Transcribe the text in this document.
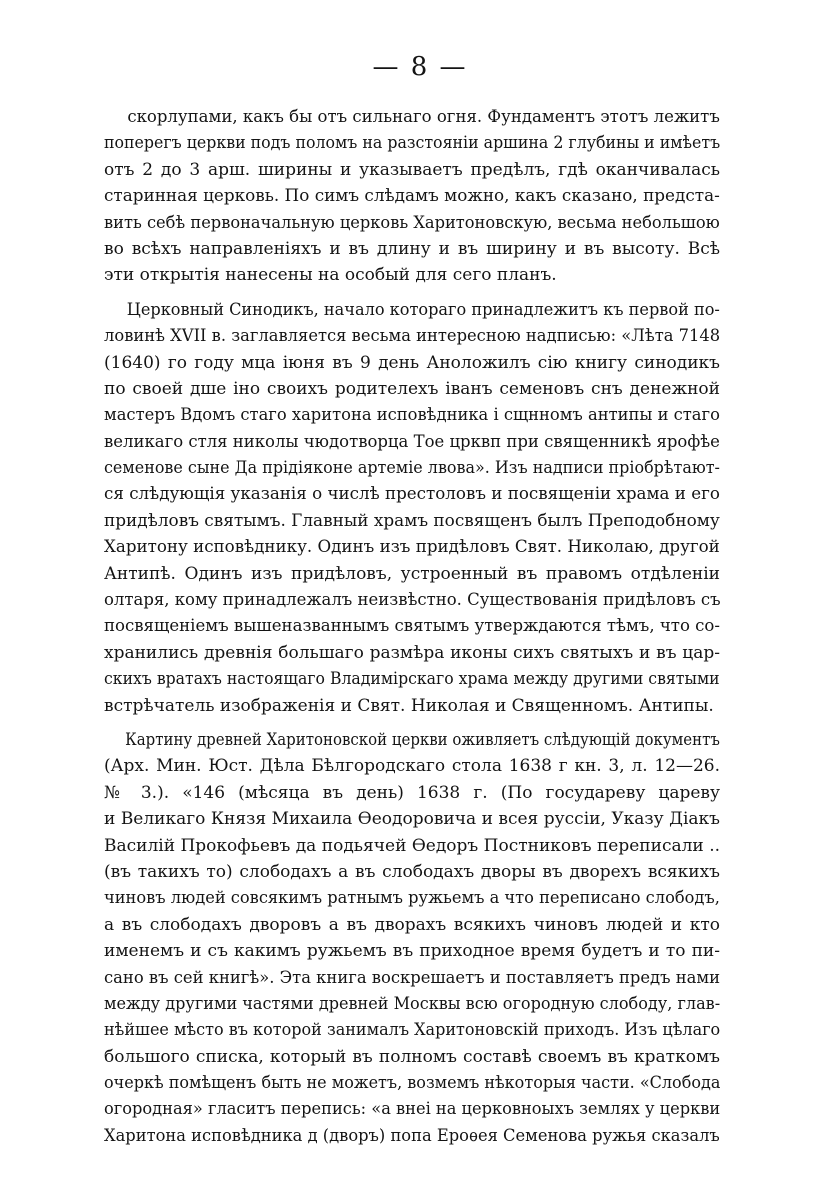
— 8 —
скорлупами, какъ бы отъ сильнаго огня. Фундаментъ этотъ лежитъ
поперегъ церкви подъ поломъ на разстояніи аршина 2 глубины и имѣетъ
отъ 2 до 3 арш. ширины и указываетъ предѣлъ, гдѣ оканчивалась
старинная церковь. По симъ слѣдамъ можно, какъ сказано, предста-
вить себѣ первоначальную церковь Харитоновскую, весьма небольшою
во всѣхъ направленіяхъ и въ длину и въ ширину и въ высоту. Всѣ
эти открытія нанесены на особый для сего планъ.
Церковный Синодикъ, начало котораго принадлежитъ къ первой по-
ловинѣ XVII в. заглавляется весьма интересною надписью: «Лѣта 7148
(1640) го году мца іюня въ 9 день Аноложилъ сію книгу синодикъ
по своей дше іно своихъ родителехъ іванъ семеновъ снъ денежной
мастеръ Вдомъ стаго харитона исповѣдника і сщнномъ антипы и стаго
великаго стля николы чюдотворца Тое црквп при священникѣ ярофѣе
семенове сыне Да прідіяконе артеміе лвова». Изъ надписи пріобрѣтают-
ся слѣдующія указанія о числѣ престоловъ и посвященіи храма и его
придѣловъ святымъ. Главный храмъ посвященъ былъ Преподобному
Харитону исповѣднику. Одинъ изъ придѣловъ Свят. Николаю, другой
Антипѣ. Одинъ изъ придѣловъ, устроенный въ правомъ отдѣленіи
олтаря, кому принадлежалъ неизвѣстно. Существованія придѣловъ съ
посвященіемъ вышеназваннымъ святымъ утверждаются тѣмъ, что со-
хранились древнія большаго размѣра иконы сихъ святыхъ и въ цар-
скихъ вратахъ настоящаго Владимірскаго храма между другими святыми
встрѣчатель изображенія и Свят. Николая и Священномъ. Антипы.
Картину древней Харитоновской церкви оживляетъ слѣдующій документъ
(Арх. Мин. Юст. Дѣла Бѣлгородскаго стола 1638 г кн. 3, л. 12—26.
№ 3.). «146 (мѣсяца въ день) 1638 г. (По государеву цареву
и Великаго Князя Михаила Ѳеодоровича и всея руссіи, Указу Діакъ
Василій Прокофьевъ да подьячей Ѳедоръ Постниковъ переписали ..
(въ такихъ то) слободахъ а въ слободахъ дворы въ дворехъ всякихъ
чиновъ людей совсякимъ ратнымъ ружьемъ а что переписано слободъ,
а въ слободахъ дворовъ а въ дворахъ всякихъ чиновъ людей и кто
именемъ и съ какимъ ружьемъ въ приходное время будетъ и то пи-
сано въ сей книгѣ». Эта книга воскрешаетъ и поставляетъ предъ нами
между другими частями древней Москвы всю огородную слободу, глав-
нѣйшее мѣсто въ которой занималъ Харитоновскій приходъ. Изъ цѣлаго
большого списка, который въ полномъ составѣ своемъ въ краткомъ
очеркѣ помѣщенъ быть не можетъ, возмемъ нѣкоторыя части. «Слобода
огородная» гласитъ перепись: «а внеі на церковноыхъ землях у церкви
Харитона исповѣдника д (дворъ) попа Ероѳея Семенова ружья сказалъ
